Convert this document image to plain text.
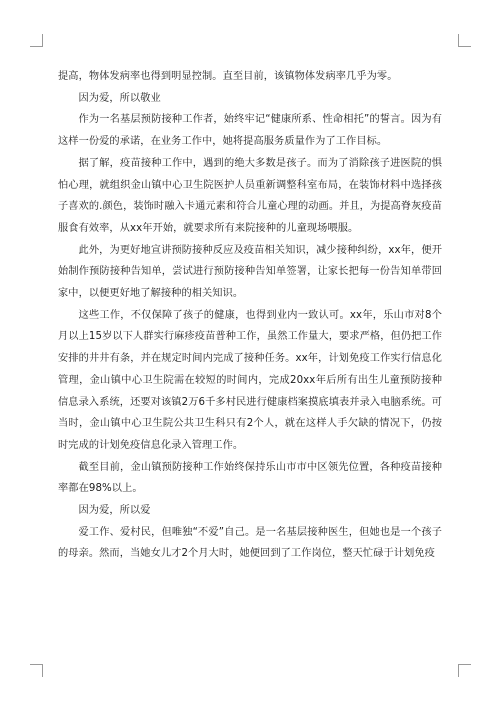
提高，物体发病率也得到明显控制。直至目前，该镇物体发病率几乎为零。

因为爱，所以敬业

作为一名基层预防接种工作者，始终牢记“健康所系、性命相托”的誓言。因为有这样一份爱的承诺，在业务工作中，她将提高服务质量作为了工作目标。

据了解，疫苗接种工作中，遇到的绝大多数是孩子。而为了消除孩子进医院的惧怕心理，就组织金山镇中心卫生院医护人员重新调整科室布局，在装饰材料中选择孩子喜欢的.颜色，装饰时融入卡通元素和符合儿童心理的动画。并且，为提高脊灰疫苗服食有效率，从xx年开始，就要求所有来院接种的儿童现场喂服。

此外，为更好地宣讲预防接种反应及疫苗相关知识，减少接种纠纷，xx年，便开始制作预防接种告知单，尝试进行预防接种告知单签署，让家长把每一份告知单带回家中，以便更好地了解接种的相关知识。

这些工作，不仅保障了孩子的健康，也得到业内一致认可。xx年，乐山市对8个月以上15岁以下人群实行麻疹疫苗普种工作，虽然工作量大，要求严格，但仍把工作安排的井井有条，并在规定时间内完成了接种任务。xx年，计划免疫工作实行信息化管理，金山镇中心卫生院需在较短的时间内，完成20xx年后所有出生儿童预防接种信息录入系统，还要对该镇2万6千多村民进行健康档案摸底填表并录入电脑系统。可当时，金山镇中心卫生院公共卫生科只有2个人，就在这样人手欠缺的情况下，仍按时完成的计划免疫信息化录入管理工作。

截至目前，金山镇预防接种工作始终保持乐山市市中区领先位置，各种疫苗接种率都在98%以上。

因为爱，所以爱

爱工作、爱村民，但唯独“不爱”自己。是一名基层接种医生，但她也是一个孩子的母亲。然而，当她女儿才2个月大时，她便回到了工作岗位，整天忙碌于计划免疫
